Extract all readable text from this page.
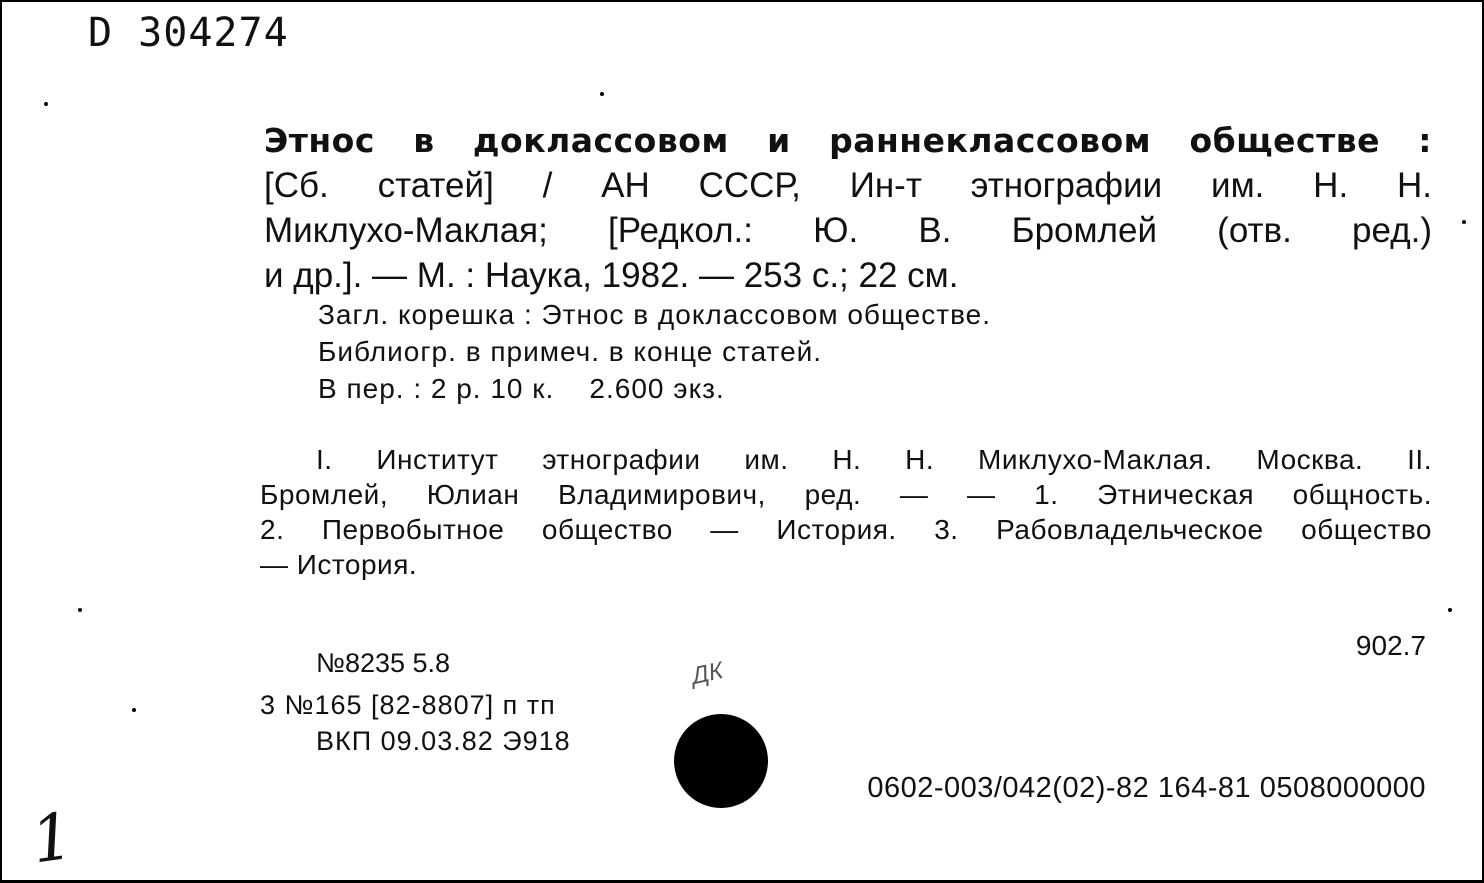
D 304274
Этнос в доклассовом и раннеклассовом обществе :
[Сб. статей] / АН СССР, Ин-т этнографии им. Н. Н.
Миклухо-Маклая; [Редкол.: Ю. В. Бромлей (отв. ред.)
и др.]. — М. : Наука, 1982. — 253 с.; 22 см.
Загл. корешка : Этнос в доклассовом обществе.
Библиогр. в примеч. в конце статей.
В пер. : 2 р. 10 к.    2.600 экз.
I. Институт этнографии им. Н. Н. Миклухо-Маклая. Москва. II.
Бромлей, Юлиан Владимирович, ред. — — 1. Этническая общность.
2. Первобытное общество — История. 3. Рабовладельческое общество
— История.
902.7
№8235 5.8
3 №165 [82-8807] п тп
ВКП 09.03.82 Э918
ДК
0602-003/042(02)-82 164-81 0508000000
1
